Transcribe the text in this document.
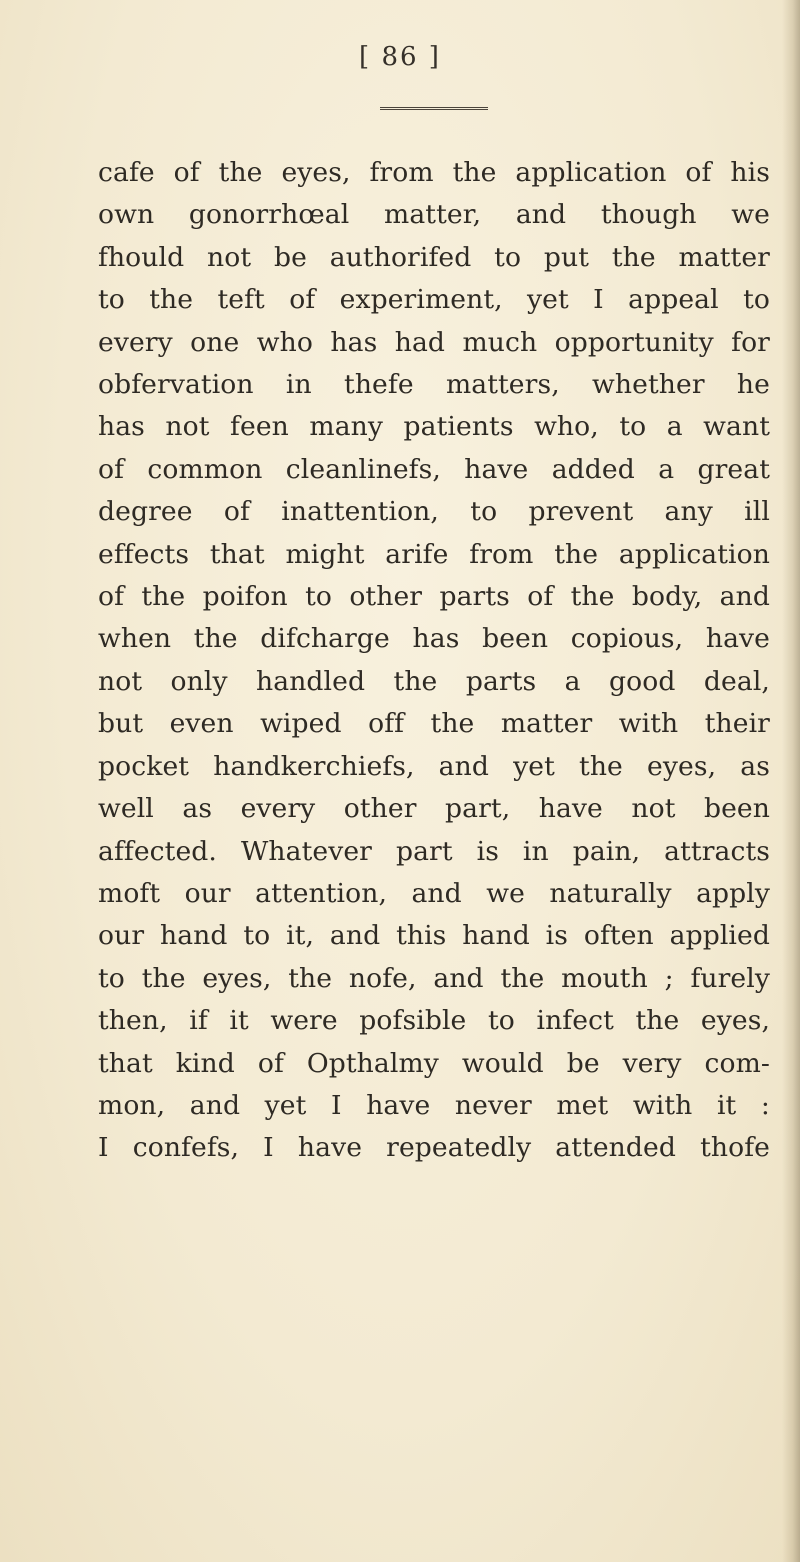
[ 86 ]
cafe of the eyes, from the application of his
own gonorrhœal matter, and though we
fhould not be authorifed to put the matter
to the teft of experiment, yet I appeal to
every one who has had much opportunity for
obfervation in thefe matters, whether he
has not feen many patients who, to a want
of common cleanlinefs, have added a great
degree of inattention, to prevent any ill
effects that might arife from the application
of the poifon to other parts of the body, and
when the difcharge has been copious, have
not only handled the parts a good deal,
but even wiped off the matter with their
pocket handkerchiefs, and yet the eyes, as
well as every other part, have not been
affected. Whatever part is in pain, attracts
moft our attention, and we naturally apply
our hand to it, and this hand is often applied
to the eyes, the nofe, and the mouth ; furely
then, if it were pofsible to infect the eyes,
that kind of Opthalmy would be very com-
mon, and yet I have never met with it :
I confefs, I have repeatedly attended thofe
